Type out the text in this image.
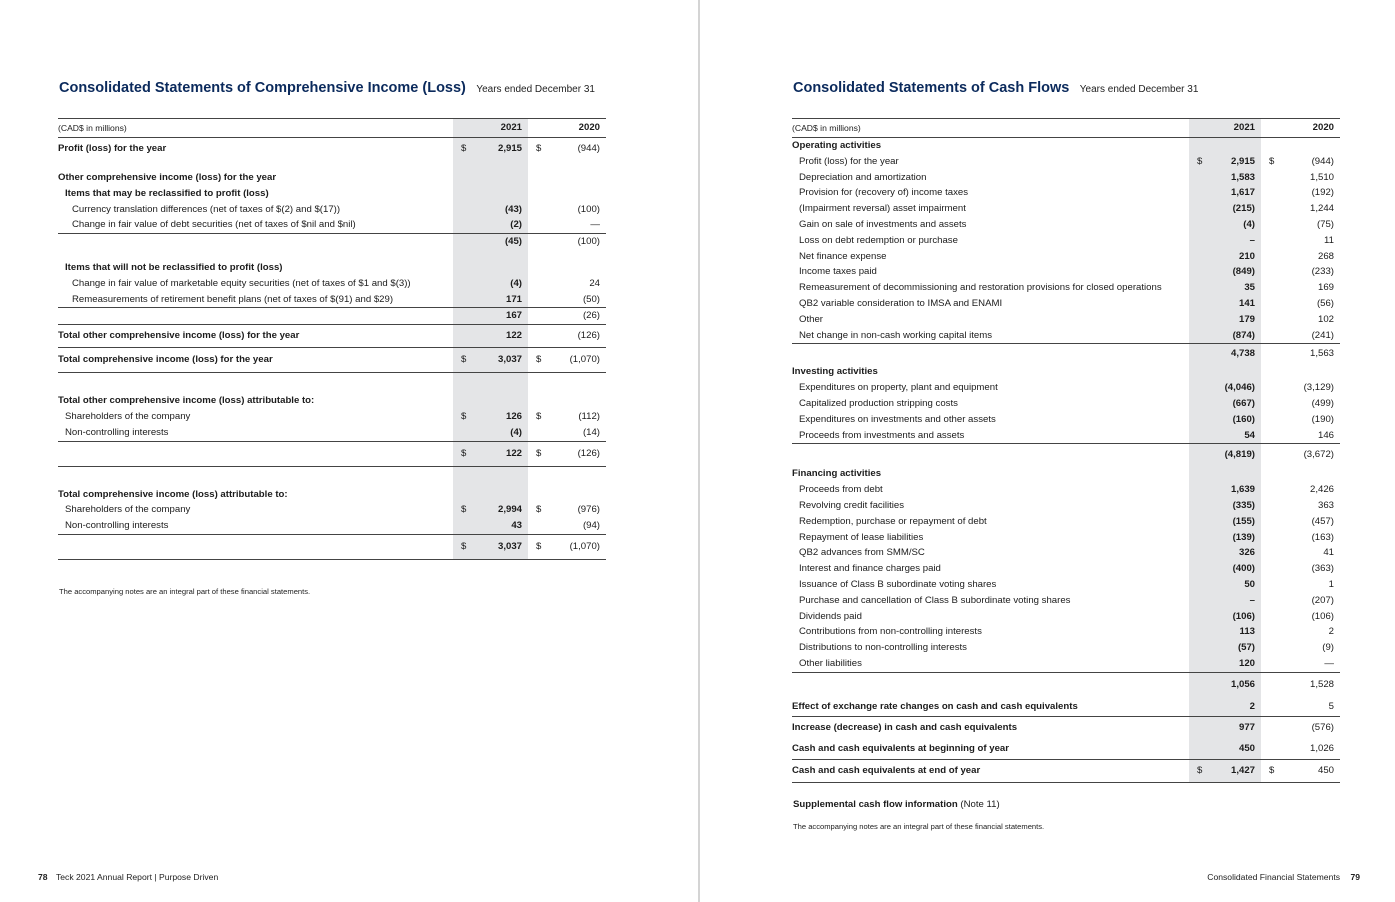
Consolidated Statements of Comprehensive Income (Loss) Years ended December 31
(CAD$ in millions)		2021		2020
Profit (loss) for the year	$	2,915	$	(944)

Other comprehensive income (loss) for the year				
Items that may be reclassified to profit (loss)				
Currency translation differences (net of taxes of $(2) and $(17))		(43)		(100)
Change in fair value of debt securities (net of taxes of $nil and $nil)		(2)		—
		(45)		(100)

Items that will not be reclassified to profit (loss)				
Change in fair value of marketable equity securities (net of taxes of $1 and $(3))		(4)		24
Remeasurements of retirement benefit plans (net of taxes of $(91) and $29)		171		(50)
		167		(26)
Total other comprehensive income (loss) for the year		122		(126)
Total comprehensive income (loss) for the year	$	3,037	$	(1,070)

Total other comprehensive income (loss) attributable to:				
Shareholders of the company	$	126	$	(112)
Non-controlling interests		(4)		(14)
	$	122	$	(126)

Total comprehensive income (loss) attributable to:				
Shareholders of the company	$	2,994	$	(976)
Non-controlling interests		43		(94)
	$	3,037	$	(1,070)
The accompanying notes are an integral part of these financial statements.
78 Teck 2021 Annual Report | Purpose Driven
Consolidated Statements of Cash Flows Years ended December 31
(CAD$ in millions)		2021		2020
Operating activities				
Profit (loss) for the year	$	2,915	$	(944)
Depreciation and amortization		1,583		1,510
Provision for (recovery of) income taxes		1,617		(192)
(Impairment reversal) asset impairment		(215)		1,244
Gain on sale of investments and assets		(4)		(75)
Loss on debt redemption or purchase		–		11
Net finance expense		210		268
Income taxes paid		(849)		(233)
Remeasurement of decommissioning and restoration provisions for closed operations		35		169
QB2 variable consideration to IMSA and ENAMI		141		(56)
Other		179		102
Net change in non-cash working capital items		(874)		(241)
		4,738		1,563
Investing activities				
Expenditures on property, plant and equipment		(4,046)		(3,129)
Capitalized production stripping costs		(667)		(499)
Expenditures on investments and other assets		(160)		(190)
Proceeds from investments and assets		54		146
		(4,819)		(3,672)
Financing activities				
Proceeds from debt		1,639		2,426
Revolving credit facilities		(335)		363
Redemption, purchase or repayment of debt		(155)		(457)
Repayment of lease liabilities		(139)		(163)
QB2 advances from SMM/SC		326		41
Interest and finance charges paid		(400)		(363)
Issuance of Class B subordinate voting shares		50		1
Purchase and cancellation of Class B subordinate voting shares		–		(207)
Dividends paid		(106)		(106)
Contributions from non-controlling interests		113		2
Distributions to non-controlling interests		(57)		(9)
Other liabilities		120		—
		1,056		1,528
Effect of exchange rate changes on cash and cash equivalents		2		5
Increase (decrease) in cash and cash equivalents		977		(576)
Cash and cash equivalents at beginning of year		450		1,026
Cash and cash equivalents at end of year	$	1,427	$	450
Supplemental cash flow information (Note 11)
The accompanying notes are an integral part of these financial statements.
Consolidated Financial Statements 79
